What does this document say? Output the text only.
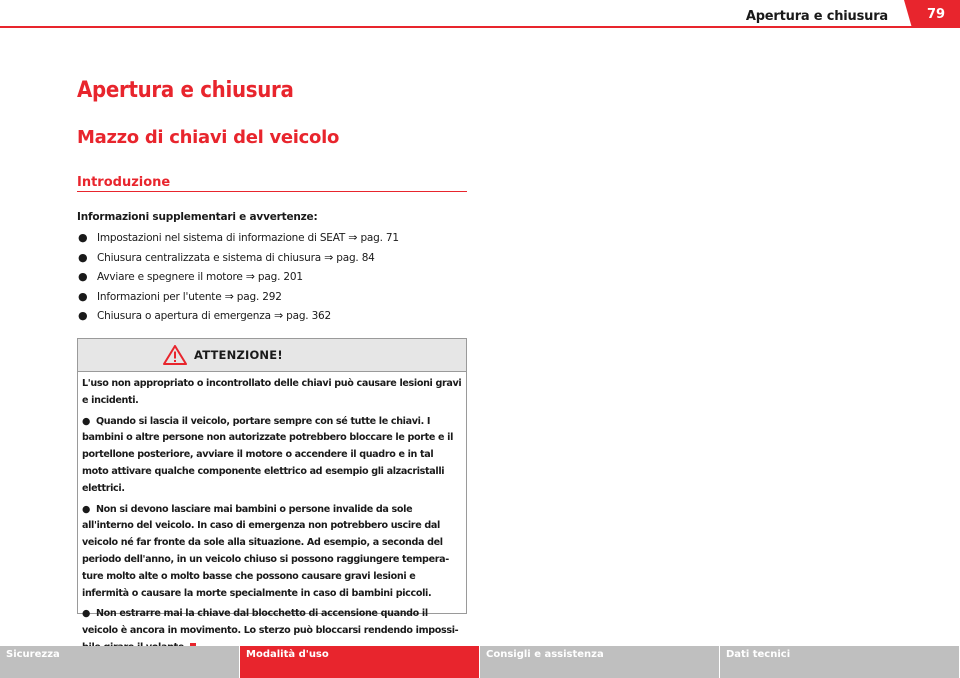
Apertura e chiusura	79
Apertura e chiusura
Mazzo di chiavi del veicolo
Introduzione
Informazioni supplementari e avvertenze:
● Impostazioni nel sistema di informazione di SEAT ⇒ pag. 71
● Chiusura centralizzata e sistema di chiusura ⇒ pag. 84
● Avviare e spegnere il motore ⇒ pag. 201
● Informazioni per l'utente ⇒ pag. 292
● Chiusura o apertura di emergenza ⇒ pag. 362
ATTENZIONE!

L'uso non appropriato o incontrollato delle chiavi può causare lesioni gravi e incidenti.

● Quando si lascia il veicolo, portare sempre con sé tutte le chiavi. I bambini o altre persone non autorizzate potrebbero bloccare le porte e il portellone posteriore, avviare il motore o accendere il quadro e in tal moto attivare qualche componente elettrico ad esempio gli alzacristalli elettrici.

● Non si devono lasciare mai bambini o persone invalide da sole all'interno del veicolo. In caso di emergenza non potrebbero uscire dal veicolo né far fronte da sole alla situazione. Ad esempio, a seconda del periodo dell'anno, in un veicolo chiuso si possono raggiungere tempera-ture molto alte o molto basse che possono causare gravi lesioni e infermità o causare la morte specialmente in caso di bambini piccoli.

● Non estrarre mai la chiave dal blocchetto di accensione quando il veicolo è ancora in movimento. Lo sterzo può bloccarsi rendendo impossi-

Sicurezza	Modalità d'uso	Consigli e assistenza	Dati tecnici
